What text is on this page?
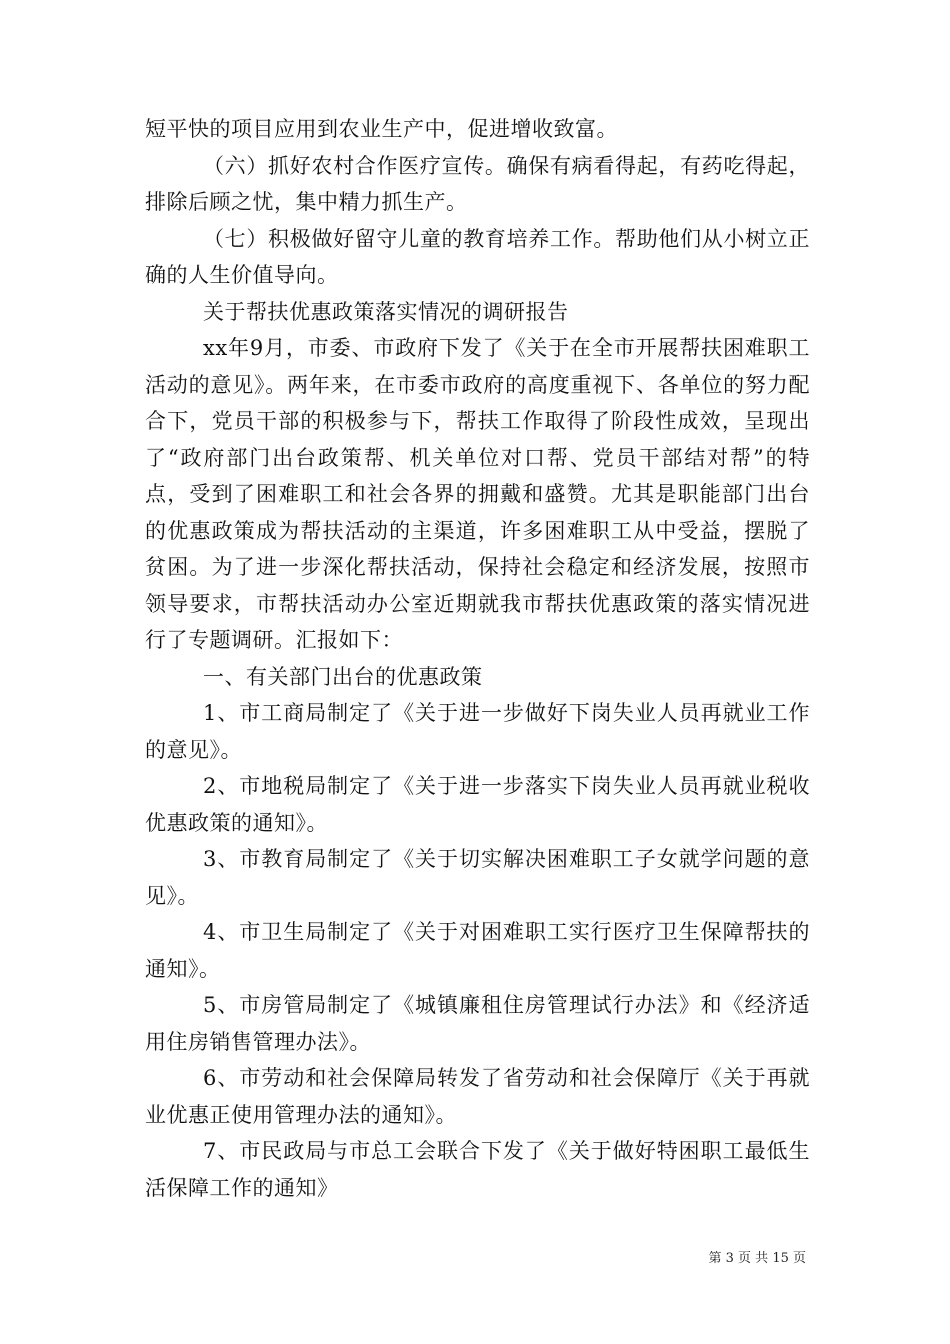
短平快的项目应用到农业生产中，促进增收致富。

（六）抓好农村合作医疗宣传。确保有病看得起，有药吃得起，排除后顾之忧，集中精力抓生产。

（七）积极做好留守儿童的教育培养工作。帮助他们从小树立正确的人生价值导向。

关于帮扶优惠政策落实情况的调研报告

xx年9月，市委、市政府下发了《关于在全市开展帮扶困难职工活动的意见》。两年来，在市委市政府的高度重视下、各单位的努力配合下，党员干部的积极参与下，帮扶工作取得了阶段性成效，呈现出了“政府部门出台政策帮、机关单位对口帮、党员干部结对帮”的特点，受到了困难职工和社会各界的拥戴和盛赞。尤其是职能部门出台的优惠政策成为帮扶活动的主渠道，许多困难职工从中受益，摆脱了贫困。为了进一步深化帮扶活动，保持社会稳定和经济发展，按照市领导要求，市帮扶活动办公室近期就我市帮扶优惠政策的落实情况进行了专题调研。汇报如下：

一、有关部门出台的优惠政策

1、市工商局制定了《关于进一步做好下岗失业人员再就业工作的意见》。

2、市地税局制定了《关于进一步落实下岗失业人员再就业税收优惠政策的通知》。

3、市教育局制定了《关于切实解决困难职工子女就学问题的意见》。

4、市卫生局制定了《关于对困难职工实行医疗卫生保障帮扶的通知》。

5、市房管局制定了《城镇廉租住房管理试行办法》和《经济适用住房销售管理办法》。

6、市劳动和社会保障局转发了省劳动和社会保障厅《关于再就业优惠正使用管理办法的通知》。

7、市民政局与市总工会联合下发了《关于做好特困职工最低生活保障工作的通知》

第 3 页 共 15 页
